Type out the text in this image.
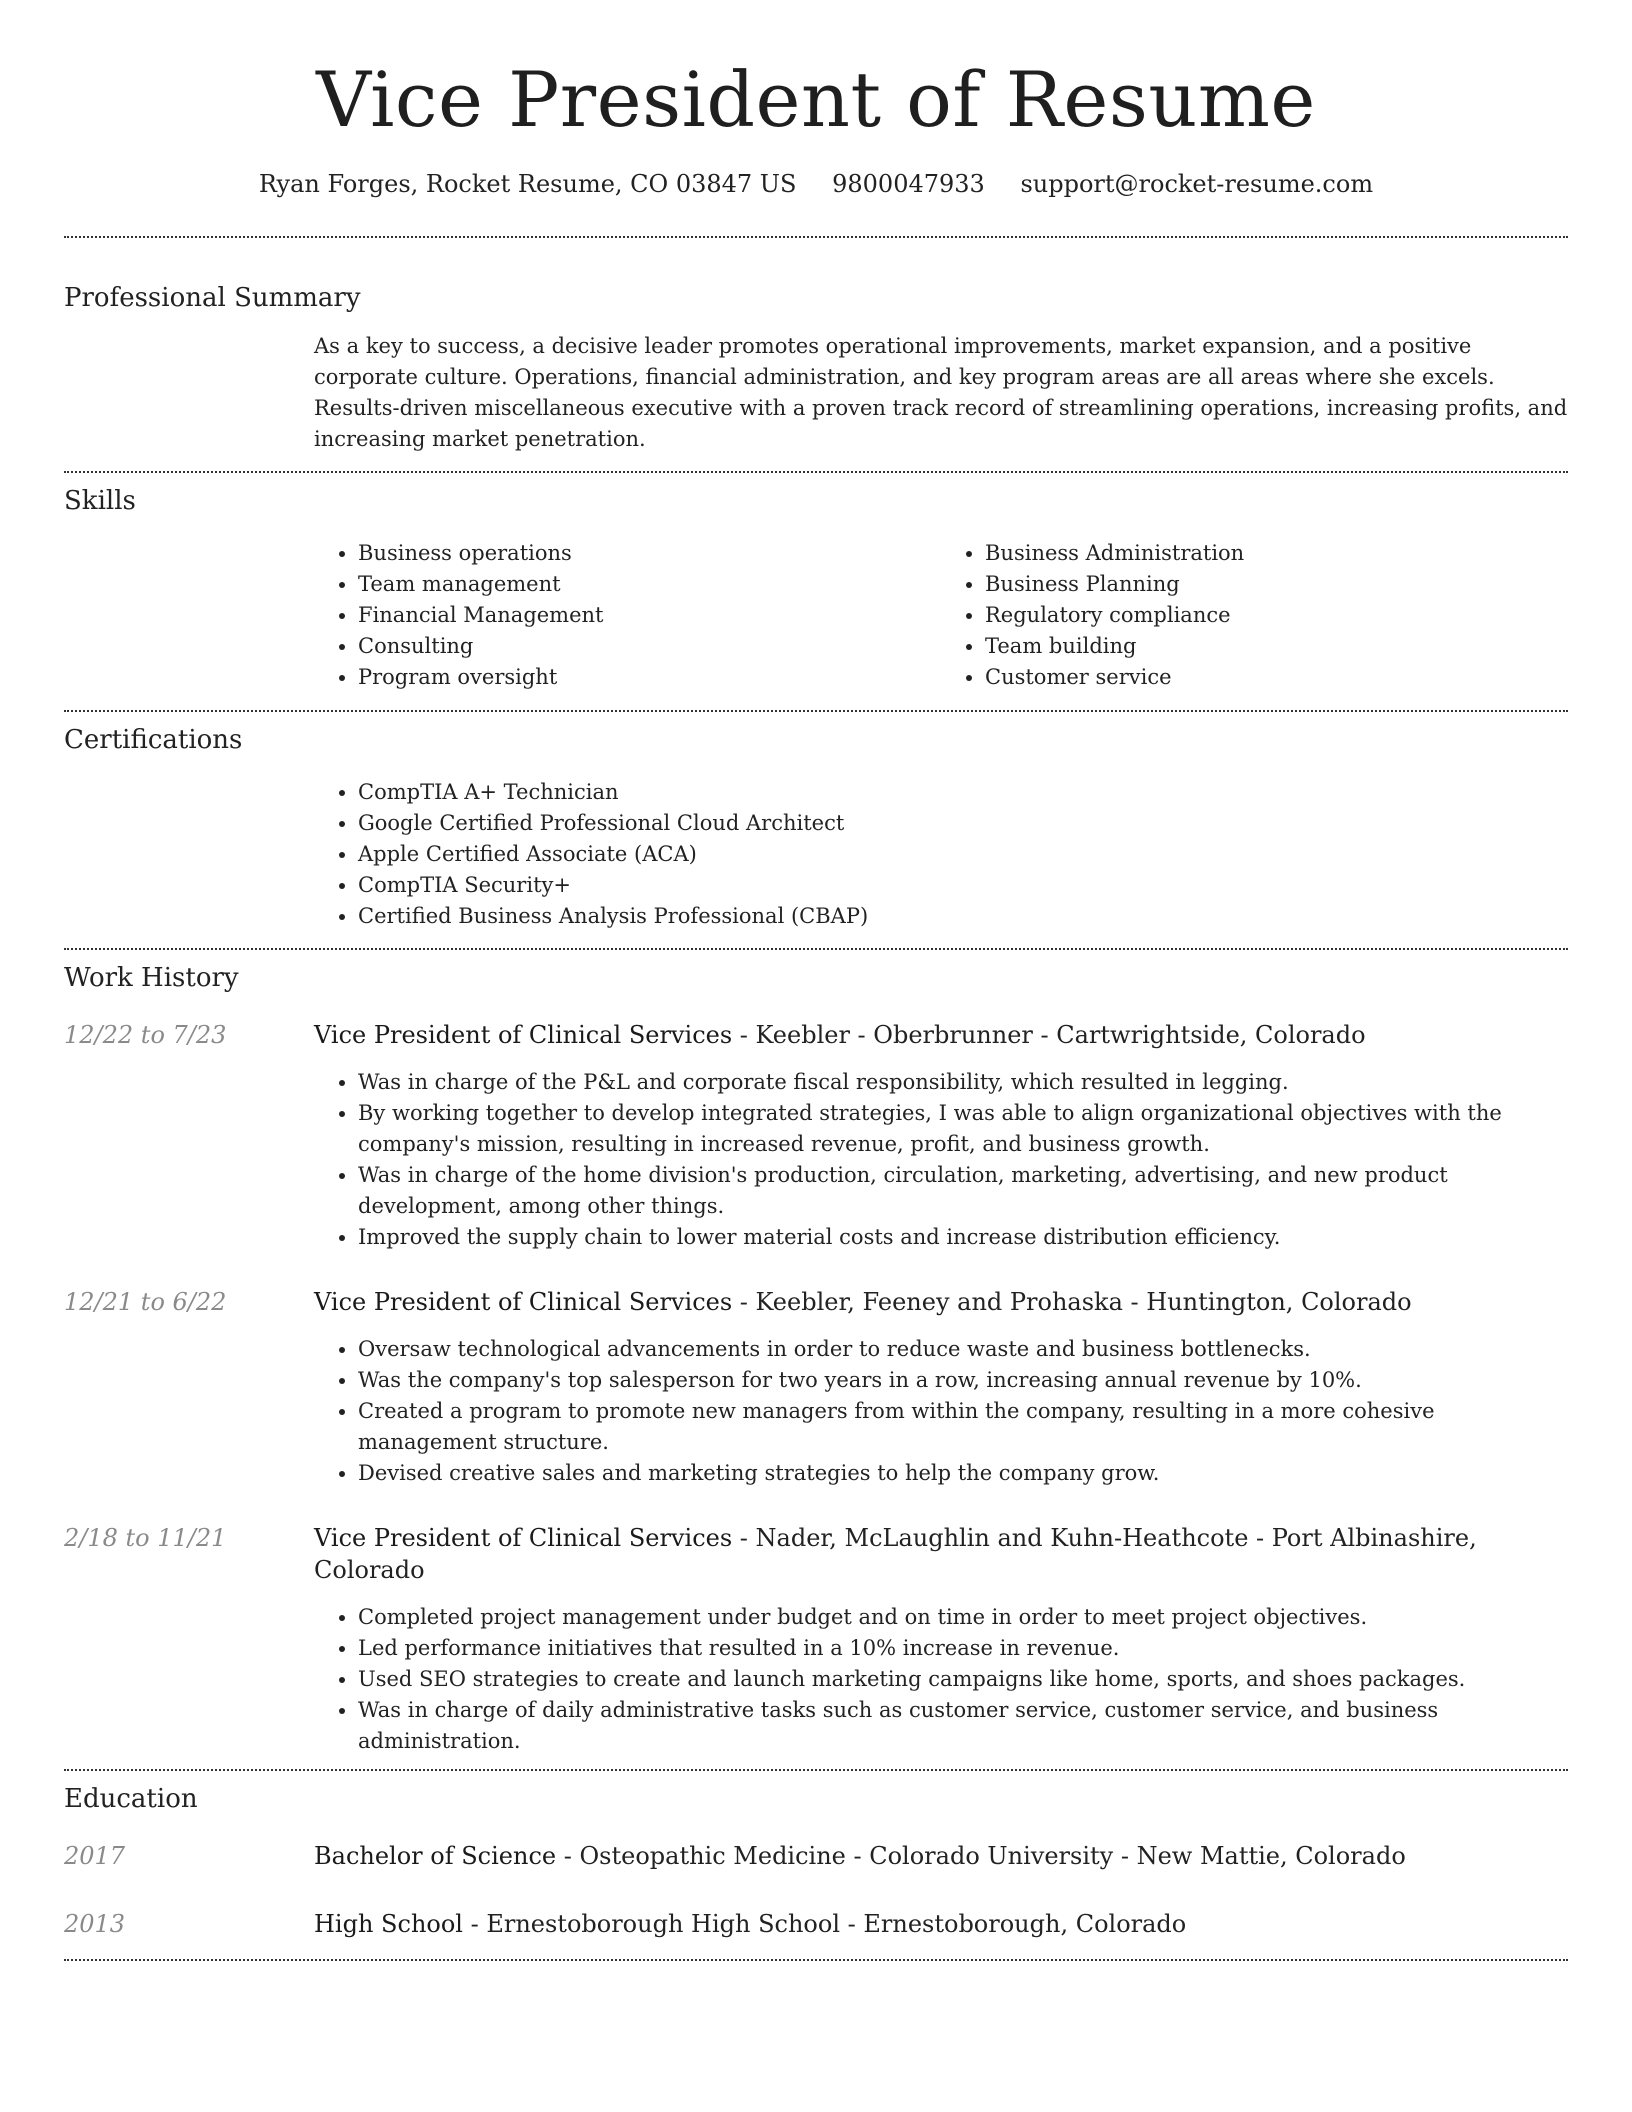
Vice President of Resume
Ryan Forges, Rocket Resume, CO 03847 US 9800047933 support@rocket-resume.com
Professional Summary

As a key to success, a decisive leader promotes operational improvements, market expansion, and a positive corporate culture. Operations, financial administration, and key program areas are all areas where she excels. Results-driven miscellaneous executive with a proven track record of streamlining operations, increasing profits, and increasing market penetration.

Skills
• Business operations
• Team management
• Financial Management
• Consulting
• Program oversight
• Business Administration
• Business Planning
• Regulatory compliance
• Team building
• Customer service
Certifications
• CompTIA A+ Technician
• Google Certified Professional Cloud Architect
• Apple Certified Associate (ACA)
• CompTIA Security+
• Certified Business Analysis Professional (CBAP)
Work History
12/22 to 7/23	Vice President of Clinical Services - Keebler - Oberbrunner - Cartwrightside, Colorado
• Was in charge of the P&L and corporate fiscal responsibility, which resulted in legging.
• By working together to develop integrated strategies, I was able to align organizational objectives with the company's mission, resulting in increased revenue, profit, and business growth.
• Was in charge of the home division's production, circulation, marketing, advertising, and new product development, among other things.
• Improved the supply chain to lower material costs and increase distribution efficiency.
12/21 to 6/22	Vice President of Clinical Services - Keebler, Feeney and Prohaska - Huntington, Colorado
• Oversaw technological advancements in order to reduce waste and business bottlenecks.
• Was the company's top salesperson for two years in a row, increasing annual revenue by 10%.
• Created a program to promote new managers from within the company, resulting in a more cohesive management structure.
• Devised creative sales and marketing strategies to help the company grow.
2/18 to 11/21	Vice President of Clinical Services - Nader, McLaughlin and Kuhn-Heathcote - Port Albinashire, Colorado
• Completed project management under budget and on time in order to meet project objectives.
• Led performance initiatives that resulted in a 10% increase in revenue.
• Used SEO strategies to create and launch marketing campaigns like home, sports, and shoes packages.
• Was in charge of daily administrative tasks such as customer service, customer service, and business administration.
Education
2017	Bachelor of Science - Osteopathic Medicine - Colorado University - New Mattie, Colorado
2013	High School - Ernestoborough High School - Ernestoborough, Colorado
